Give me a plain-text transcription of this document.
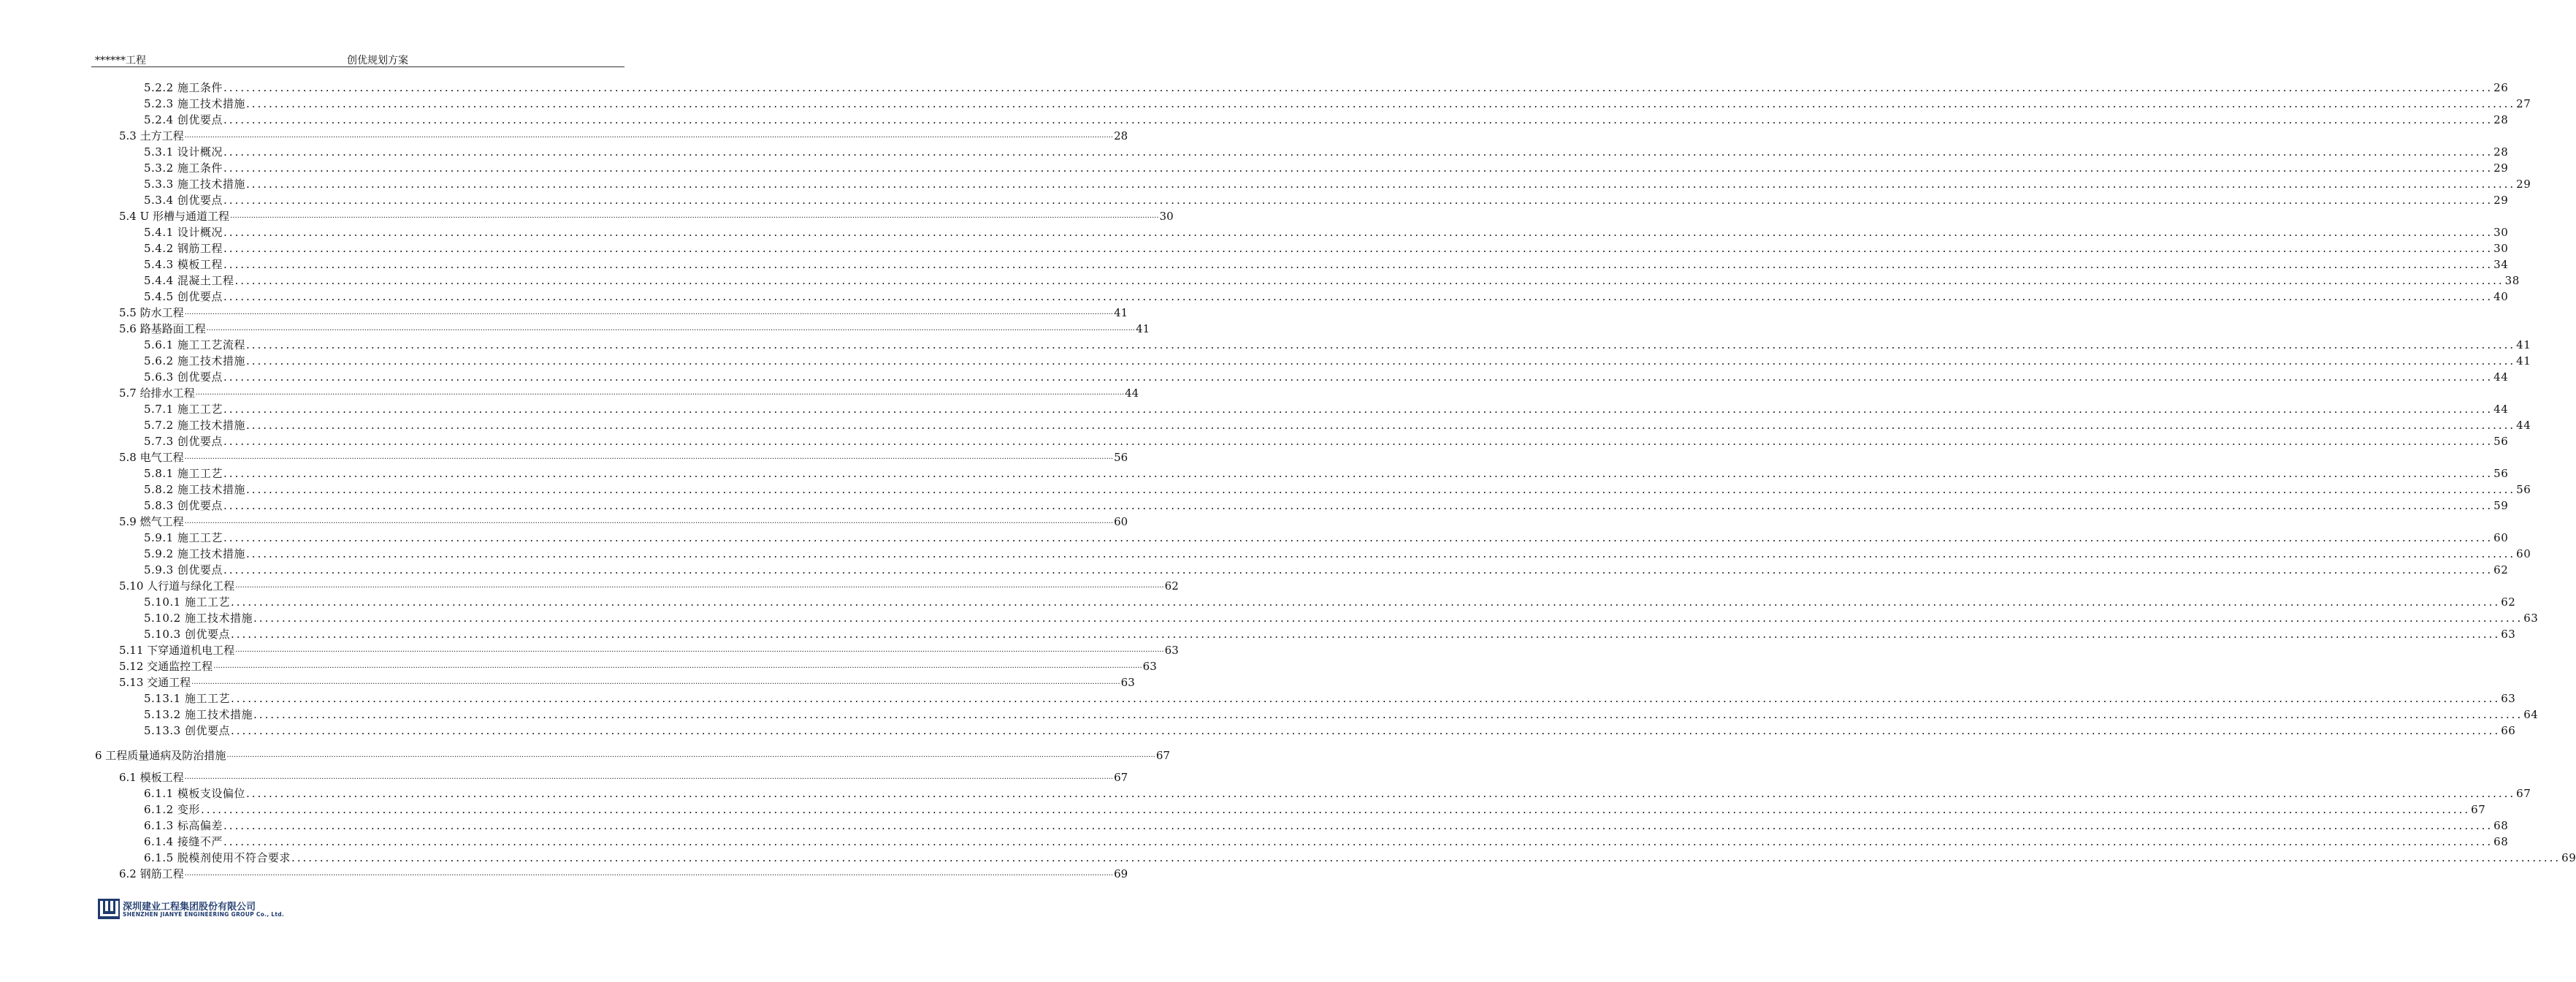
******工程	创优规划方案
5.2.2 施工条件 ................................................................................................................................................................................................................................................................................................................................................................................................................ 26
5.2.3 施工技术措施 ................................................................................................................................................................................................................................................................................................................................................................................................................ 27
5.2.4 创优要点 ................................................................................................................................................................................................................................................................................................................................................................................................................ 28
5.3 土方工程 ................................................................................................................................................................................................................................................................................................................................................................................................................ 28
5.3.1 设计概况 ................................................................................................................................................................................................................................................................................................................................................................................................................ 28
5.3.2 施工条件 ................................................................................................................................................................................................................................................................................................................................................................................................................ 29
5.3.3 施工技术措施 ................................................................................................................................................................................................................................................................................................................................................................................................................ 29
5.3.4 创优要点 ................................................................................................................................................................................................................................................................................................................................................................................................................ 29
5.4 U 形槽与通道工程 ................................................................................................................................................................................................................................................................................................................................................................................................................ 30
5.4.1 设计概况 ................................................................................................................................................................................................................................................................................................................................................................................................................ 30
5.4.2 钢筋工程 ................................................................................................................................................................................................................................................................................................................................................................................................................ 30
5.4.3 模板工程 ................................................................................................................................................................................................................................................................................................................................................................................................................ 34
5.4.4 混凝土工程 ................................................................................................................................................................................................................................................................................................................................................................................................................ 38
5.4.5 创优要点 ................................................................................................................................................................................................................................................................................................................................................................................................................ 40
5.5 防水工程 ................................................................................................................................................................................................................................................................................................................................................................................................................ 41
5.6 路基路面工程 ................................................................................................................................................................................................................................................................................................................................................................................................................ 41
5.6.1 施工工艺流程 ................................................................................................................................................................................................................................................................................................................................................................................................................ 41
5.6.2 施工技术措施 ................................................................................................................................................................................................................................................................................................................................................................................................................ 41
5.6.3 创优要点 ................................................................................................................................................................................................................................................................................................................................................................................................................ 44
5.7 给排水工程 ................................................................................................................................................................................................................................................................................................................................................................................................................ 44
5.7.1 施工工艺 ................................................................................................................................................................................................................................................................................................................................................................................................................ 44
5.7.2 施工技术措施 ................................................................................................................................................................................................................................................................................................................................................................................................................ 44
5.7.3 创优要点 ................................................................................................................................................................................................................................................................................................................................................................................................................ 56
5.8 电气工程 ................................................................................................................................................................................................................................................................................................................................................................................................................ 56
5.8.1 施工工艺 ................................................................................................................................................................................................................................................................................................................................................................................................................ 56
5.8.2 施工技术措施 ................................................................................................................................................................................................................................................................................................................................................................................................................ 56
5.8.3 创优要点 ................................................................................................................................................................................................................................................................................................................................................................................................................ 59
5.9 燃气工程 ................................................................................................................................................................................................................................................................................................................................................................................................................ 60
5.9.1 施工工艺 ................................................................................................................................................................................................................................................................................................................................................................................................................ 60
5.9.2 施工技术措施 ................................................................................................................................................................................................................................................................................................................................................................................................................ 60
5.9.3 创优要点 ................................................................................................................................................................................................................................................................................................................................................................................................................ 62
5.10 人行道与绿化工程 ................................................................................................................................................................................................................................................................................................................................................................................................................ 62
5.10.1 施工工艺 ................................................................................................................................................................................................................................................................................................................................................................................................................ 62
5.10.2 施工技术措施 ................................................................................................................................................................................................................................................................................................................................................................................................................ 63
5.10.3 创优要点 ................................................................................................................................................................................................................................................................................................................................................................................................................ 63
5.11 下穿通道机电工程 ................................................................................................................................................................................................................................................................................................................................................................................................................ 63
5.12 交通监控工程 ................................................................................................................................................................................................................................................................................................................................................................................................................ 63
5.13 交通工程 ................................................................................................................................................................................................................................................................................................................................................................................................................ 63
5.13.1 施工工艺 ................................................................................................................................................................................................................................................................................................................................................................................................................ 63
5.13.2 施工技术措施 ................................................................................................................................................................................................................................................................................................................................................................................................................ 64
5.13.3 创优要点 ................................................................................................................................................................................................................................................................................................................................................................................................................ 66
6 工程质量通病及防治措施 ................................................................................................................................................................................................................................................................................................................................................................................................................ 67
6.1 模板工程 ................................................................................................................................................................................................................................................................................................................................................................................................................ 67
6.1.1 模板支设偏位 ................................................................................................................................................................................................................................................................................................................................................................................................................ 67
6.1.2 变形 ................................................................................................................................................................................................................................................................................................................................................................................................................ 67
6.1.3 标高偏差 ................................................................................................................................................................................................................................................................................................................................................................................................................ 68
6.1.4 接缝不严 ................................................................................................................................................................................................................................................................................................................................................................................................................ 68
6.1.5 脱模剂使用不符合要求 ................................................................................................................................................................................................................................................................................................................................................................................................................ 69
6.2 钢筋工程 ................................................................................................................................................................................................................................................................................................................................................................................................................ 69
深圳建业工程集团股份有限公司
SHENZHEN JIANYE ENGINEERING GROUP Co., Ltd.
